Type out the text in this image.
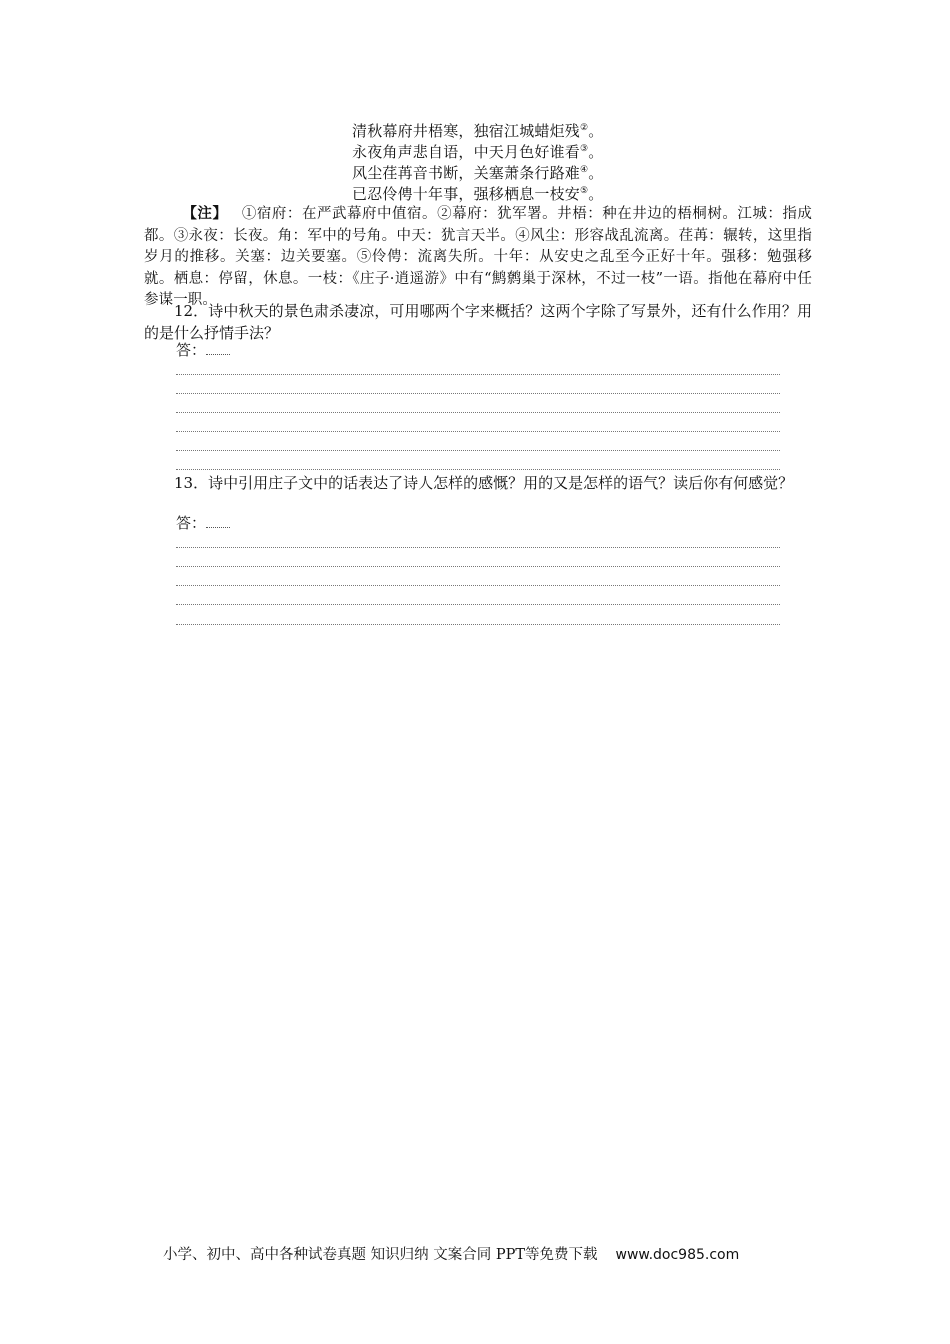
清秋幕府井梧寒，独宿江城蜡炬残②。
永夜角声悲自语，中天月色好谁看③。
风尘荏苒音书断，关塞萧条行路难④。
已忍伶俜十年事，强移栖息一枝安⑤。
【注】 ①宿府：在严武幕府中值宿。②幕府：犹军署。井梧：种在井边的梧桐树。江城：指成都。③永夜：长夜。角：军中的号角。中天：犹言天半。④风尘：形容战乱流离。荏苒：辗转，这里指岁月的推移。关塞：边关要塞。⑤伶俜：流离失所。十年：从安史之乱至今正好十年。强移：勉强移就。栖息：停留，休息。一枝：《庄子·逍遥游》中有“鹪鹩巢于深林，不过一枝”一语。指他在幕府中任参谋一职。
12．诗中秋天的景色肃杀凄凉，可用哪两个字来概括？这两个字除了写景外，还有什么作用？用的是什么抒情手法？
答：
13．诗中引用庄子文中的话表达了诗人怎样的感慨？用的又是怎样的语气？读后你有何感觉？
答：
小学、初中、高中各种试卷真题 知识归纳 文案合同 PPT等免费下载 www.doc985.com
